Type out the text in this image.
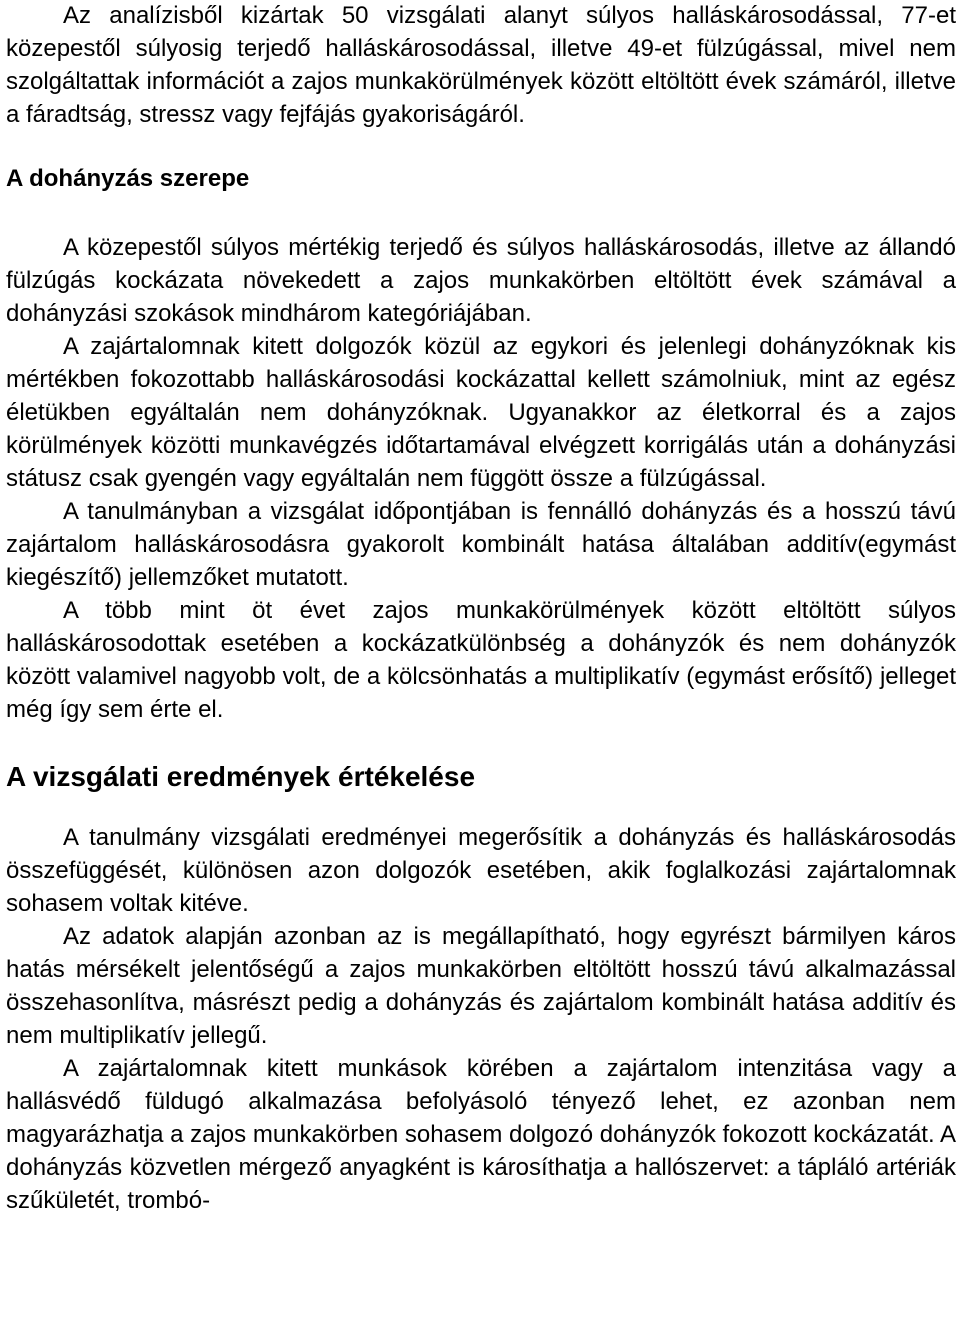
Az analízisből kizártak 50 vizsgálati alanyt súlyos halláskárosodással, 77-et közepestől súlyosig terjedő halláskárosodással, illetve 49-et fülzúgással, mivel nem szolgáltattak információt a zajos munkakörülmények között eltöltött évek számáról, illetve a fáradtság, stressz vagy fejfájás gyakoriságáról.

A dohányzás szerepe

A közepestől súlyos mértékig terjedő és súlyos halláskárosodás, illetve az állandó fülzúgás kockázata növekedett a zajos munkakörben eltöltött évek számával a dohányzási szokások mindhárom kategóriájában.

A zajártalomnak kitett dolgozók közül az egykori és jelenlegi dohányzóknak kis mértékben fokozottabb halláskárosodási kockázattal kellett számolniuk, mint az egész életükben egyáltalán nem dohányzóknak. Ugyanakkor az életkorral és a zajos körülmények közötti munkavégzés időtartamával elvégzett korrigálás után a dohányzási státusz csak gyengén vagy egyáltalán nem függött össze a fülzúgással.

A tanulmányban a vizsgálat időpontjában is fennálló dohányzás és a hosszú távú zajártalom halláskárosodásra gyakorolt kombinált hatása általában additív(egymást kiegészítő) jellemzőket mutatott.

A több mint öt évet zajos munkakörülmények között eltöltött súlyos halláskárosodottak esetében a kockázatkülönbség a dohányzók és nem dohányzók között valamivel nagyobb volt, de a kölcsönhatás a multiplikatív (egymást erősítő) jelleget még így sem érte el.

A vizsgálati eredmények értékelése

A tanulmány vizsgálati eredményei megerősítik a dohányzás és halláskárosodás összefüggését, különösen azon dolgozók esetében, akik foglalkozási zajártalomnak sohasem voltak kitéve.

Az adatok alapján azonban az is megállapítható, hogy egyrészt bármilyen káros hatás mérsékelt jelentőségű a zajos munkakörben eltöltött hosszú távú alkalmazással összehasonlítva, másrészt pedig a dohányzás és zajártalom kombinált hatása additív és nem multiplikatív jellegű.

A zajártalomnak kitett munkások körében a zajártalom intenzitása vagy a hallásvédő füldugó alkalmazása befolyásoló tényező lehet, ez azonban nem magyarázhatja a zajos munkakörben sohasem dolgozó dohányzók fokozott kockázatát. A dohányzás közvetlen mérgező anyagként is károsíthatja a hallószervet: a tápláló artériák szűkületét, trombó-
